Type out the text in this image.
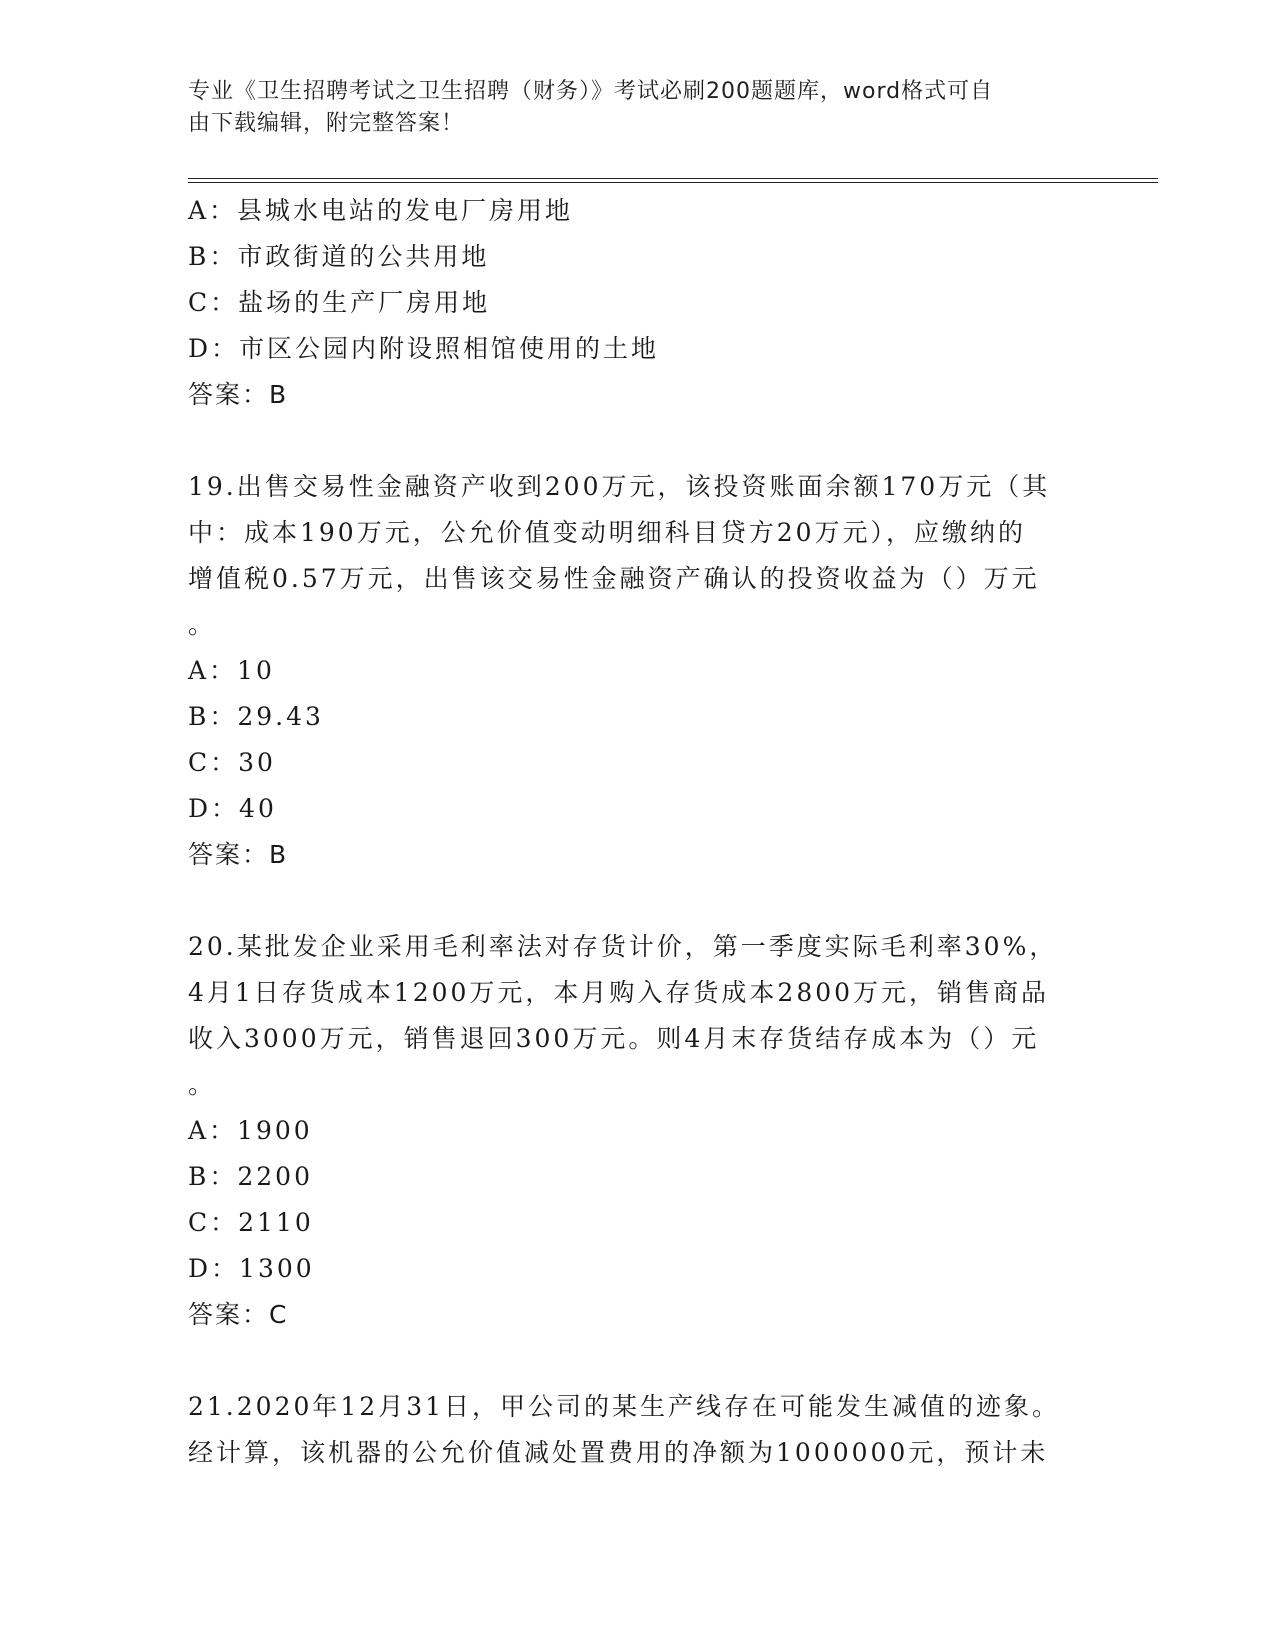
专业《卫生招聘考试之卫生招聘（财务）》考试必刷200题题库，word格式可自
由下载编辑，附完整答案！
A：县城水电站的发电厂房用地
B：市政街道的公共用地
C：盐场的生产厂房用地
D：市区公园内附设照相馆使用的土地
答案：B
19.出售交易性金融资产收到200万元，该投资账面余额170万元（其
中：成本190万元，公允价值变动明细科目贷方20万元），应缴纳的
增值税0.57万元，出售该交易性金融资产确认的投资收益为（）万元
。
A：10
B：29.43
C：30
D：40
答案：B
20.某批发企业采用毛利率法对存货计价，第一季度实际毛利率30%，
4月1日存货成本1200万元，本月购入存货成本2800万元，销售商品
收入3000万元，销售退回300万元。则4月末存货结存成本为（）元
。
A：1900
B：2200
C：2110
D：1300
答案：C
21.2020年12月31日，甲公司的某生产线存在可能发生减值的迹象。
经计算，该机器的公允价值减处置费用的净额为1000000元，预计未
